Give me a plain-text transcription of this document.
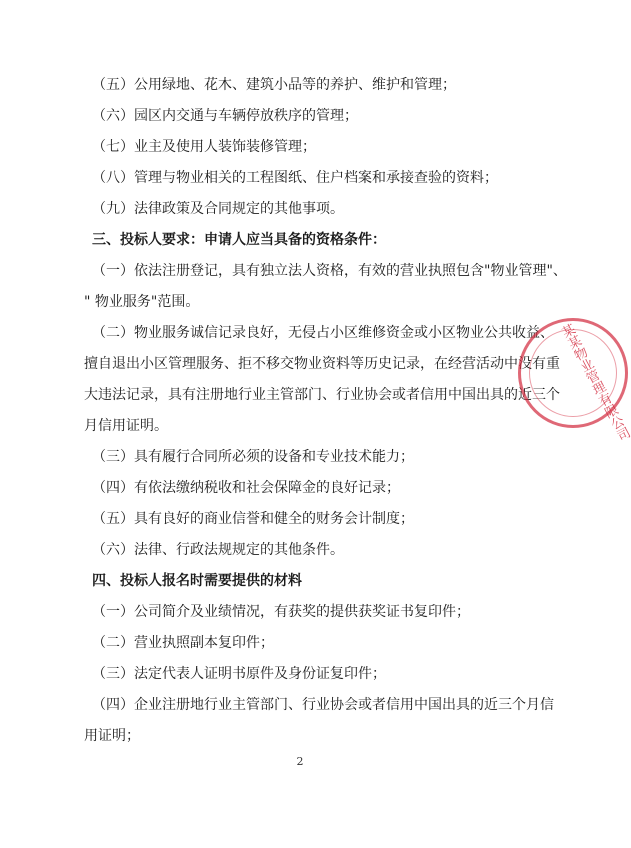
（五）公用绿地、花木、建筑小品等的养护、维护和管理；
（六）园区内交通与车辆停放秩序的管理；
（七）业主及使用人装饰装修管理；
（八）管理与物业相关的工程图纸、住户档案和承接查验的资料；
（九）法律政策及合同规定的其他事项。
三、投标人要求：申请人应当具备的资格条件：
（一）依法注册登记，具有独立法人资格，有效的营业执照包含"物业管理"、
" 物业服务"范围。
（二）物业服务诚信记录良好，无侵占小区维修资金或小区物业公共收益、
擅自退出小区管理服务、拒不移交物业资料等历史记录，在经营活动中没有重
大违法记录，具有注册地行业主管部门、行业协会或者信用中国出具的近三个
月信用证明。
（三）具有履行合同所必须的设备和专业技术能力；
（四）有依法缴纳税收和社会保障金的良好记录；
（五）具有良好的商业信誉和健全的财务会计制度；
（六）法律、行政法规规定的其他条件。
四、投标人报名时需要提供的材料
（一）公司简介及业绩情况，有获奖的提供获奖证书复印件；
（二）营业执照副本复印件；
（三）法定代表人证明书原件及身份证复印件；
（四）企业注册地行业主管部门、行业协会或者信用中国出具的近三个月信
用证明；
2
某某物业管理有限公司
